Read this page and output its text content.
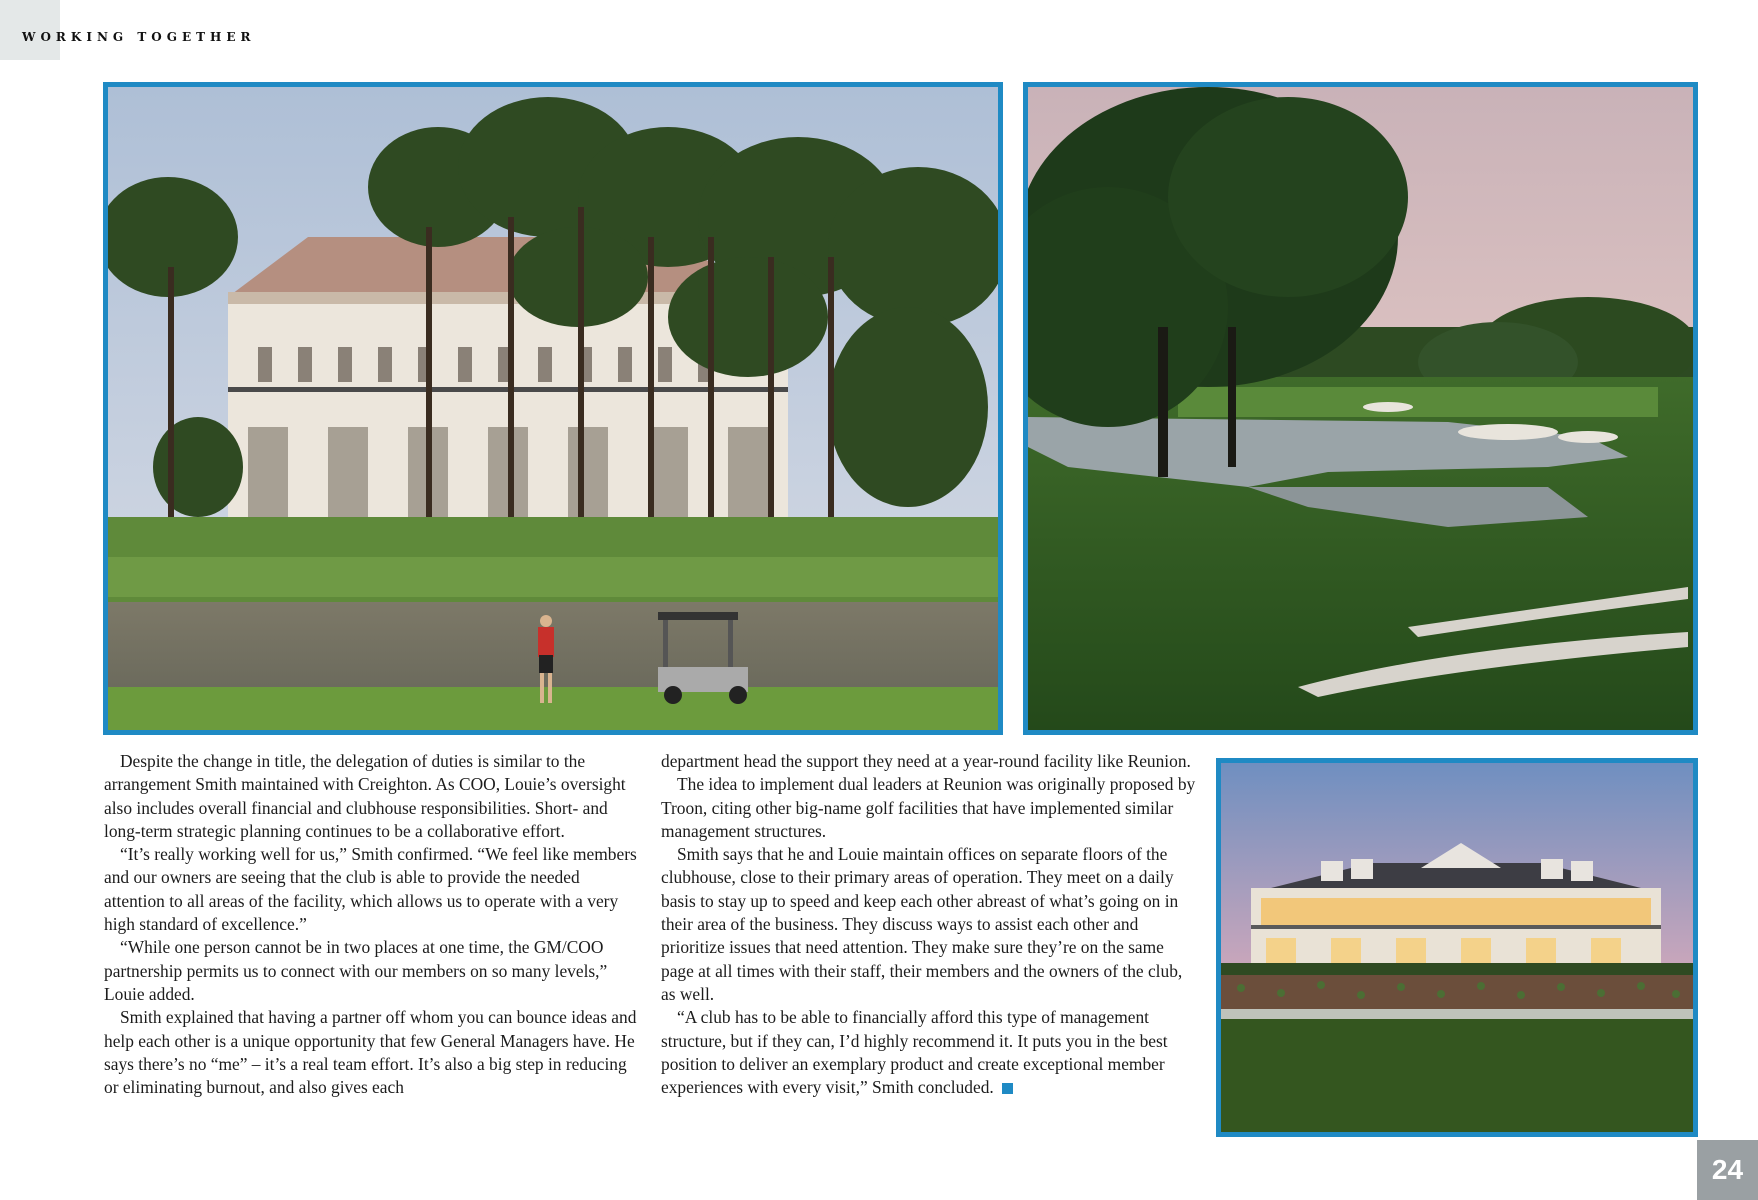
WORKING TOGETHER

Despite the change in title, the delegation of duties is similar to the arrangement Smith maintained with Creighton. As COO, Louie’s oversight also includes overall financial and clubhouse responsibilities. Short- and long-term strategic planning continues to be a collaborative effort.

“It’s really working well for us,” Smith confirmed. “We feel like members and our owners are seeing that the club is able to provide the needed attention to all areas of the facility, which allows us to operate with a very high standard of excellence.”

“While one person cannot be in two places at one time, the GM/COO partnership permits us to connect with our members on so many levels,” Louie added.

Smith explained that having a partner off whom you can bounce ideas and help each other is a unique opportunity that few General Managers have. He says there’s no “me” – it’s a real team effort. It’s also a big step in reducing or eliminating burnout, and also gives each

department head the support they need at a year-round facility like Reunion.

The idea to implement dual leaders at Reunion was originally proposed by Troon, citing other big-name golf facilities that have implemented similar management structures.

Smith says that he and Louie maintain offices on separate floors of the clubhouse, close to their primary areas of operation. They meet on a daily basis to stay up to speed and keep each other abreast of what’s going on in their area of the business. They discuss ways to assist each other and prioritize issues that need attention. They make sure they’re on the same page at all times with their staff, their members and the owners of the club, as well.

“A club has to be able to financially afford this type of management structure, but if they can, I’d highly recommend it. It puts you in the best position to deliver an exemplary product and create exceptional member experiences with every visit,” Smith concluded.

24
